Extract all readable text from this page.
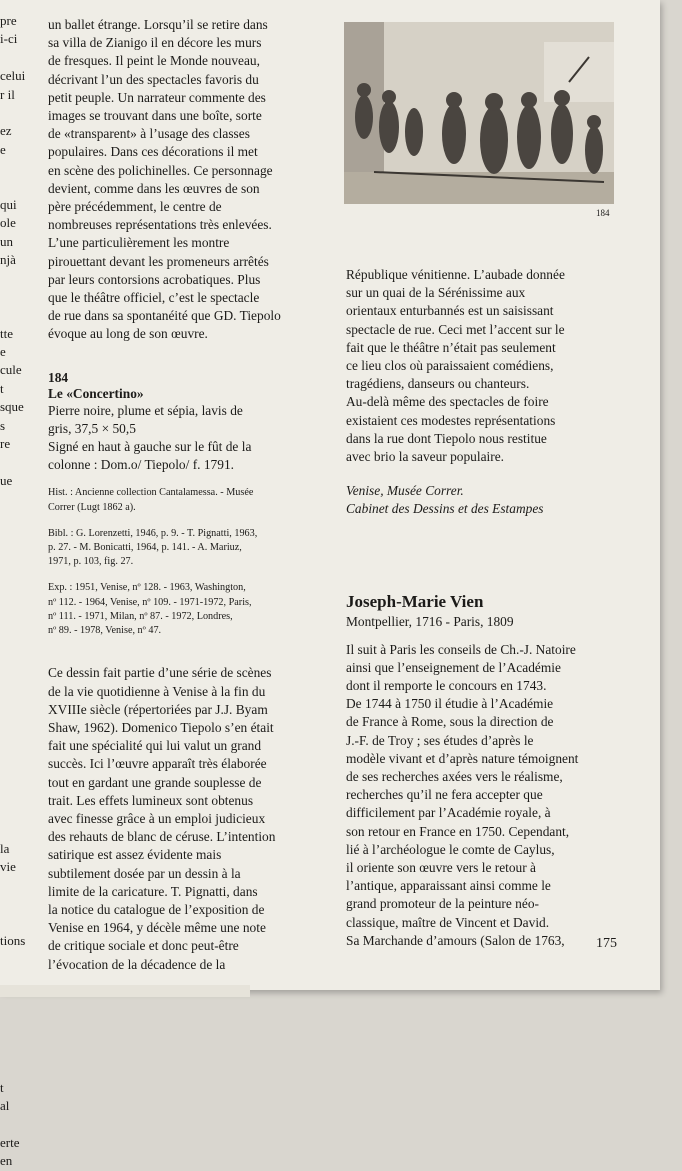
pre
i-ci
celui
r il
ez
e
qui
ole
un
njà
tte
e
cule
t
sque
s
re
ue
la
vie
tions
t
al
erte
en
un ballet étrange. Lorsqu’il se retire dans
sa villa de Zianigo il en décore les murs
de fresques. Il peint le Monde nouveau,
décrivant l’un des spectacles favoris du
petit peuple. Un narrateur commente des
images se trouvant dans une boîte, sorte
de «transparent» à l’usage des classes
populaires. Dans ces décorations il met
en scène des polichinelles. Ce personnage
devient, comme dans les œuvres de son
père précédemment, le centre de
nombreuses représentations très enlevées.
L’une particulièrement les montre
pirouettant devant les promeneurs arrêtés
par leurs contorsions acrobatiques. Plus
que le théâtre officiel, c’est le spectacle
de rue dans sa spontanéité que GD. Tiepolo
évoque au long de son œuvre.
184
Le «Concertino»
Pierre noire, plume et sépia, lavis de
gris, 37,5 × 50,5
Signé en haut à gauche sur le fût de la
colonne : Dom.o/ Tiepolo/ f. 1791.
Hist. : Ancienne collection Cantalamessa. - Musée
Correr (Lugt 1862 a).
Bibl. : G. Lorenzetti, 1946, p. 9. - T. Pignatti, 1963,
p. 27. - M. Bonicatti, 1964, p. 141. - A. Mariuz,
1971, p. 103, fig. 27.
Exp. : 1951, Venise, nº 128. - 1963, Washington,
nº 112. - 1964, Venise, nº 109. - 1971-1972, Paris,
nº 111. - 1971, Milan, nº 87. - 1972, Londres,
nº 89. - 1978, Venise, nº 47.
Ce dessin fait partie d’une série de scènes
de la vie quotidienne à Venise à la fin du
XVIIIe siècle (répertoriées par J.J. Byam
Shaw, 1962). Domenico Tiepolo s’en était
fait une spécialité qui lui valut un grand
succès. Ici l’œuvre apparaît très élaborée
tout en gardant une grande souplesse de
trait. Les effets lumineux sont obtenus
avec finesse grâce à un emploi judicieux
des rehauts de blanc de céruse. L’intention
satirique est assez évidente mais
subtilement dosée par un dessin à la
limite de la caricature. T. Pignatti, dans
la notice du catalogue de l’exposition de
Venise en 1964, y décèle même une note
de critique sociale et donc peut-être
l’évocation de la décadence de la
184
République vénitienne. L’aubade donnée
sur un quai de la Sérénissime aux
orientaux enturbannés est un saisissant
spectacle de rue. Ceci met l’accent sur le
fait que le théâtre n’était pas seulement
ce lieu clos où paraissaient comédiens,
tragédiens, danseurs ou chanteurs.
Au-delà même des spectacles de foire
existaient ces modestes représentations
dans la rue dont Tiepolo nous restitue
avec brio la saveur populaire.
Venise, Musée Correr.
Cabinet des Dessins et des Estampes
Joseph-Marie Vien
Montpellier, 1716 - Paris, 1809
Il suit à Paris les conseils de Ch.-J. Natoire
ainsi que l’enseignement de l’Académie
dont il remporte le concours en 1743.
De 1744 à 1750 il étudie à l’Académie
de France à Rome, sous la direction de
J.-F. de Troy ; ses études d’après le
modèle vivant et d’après nature témoignent
de ses recherches axées vers le réalisme,
recherches qu’il ne fera accepter que
difficilement par l’Académie royale, à
son retour en France en 1750. Cependant,
lié à l’archéologue le comte de Caylus,
il oriente son œuvre vers le retour à
l’antique, apparaissant ainsi comme le
grand promoteur de la peinture néo-
classique, maître de Vincent et David.
Sa Marchande d’amours (Salon de 1763,	175
